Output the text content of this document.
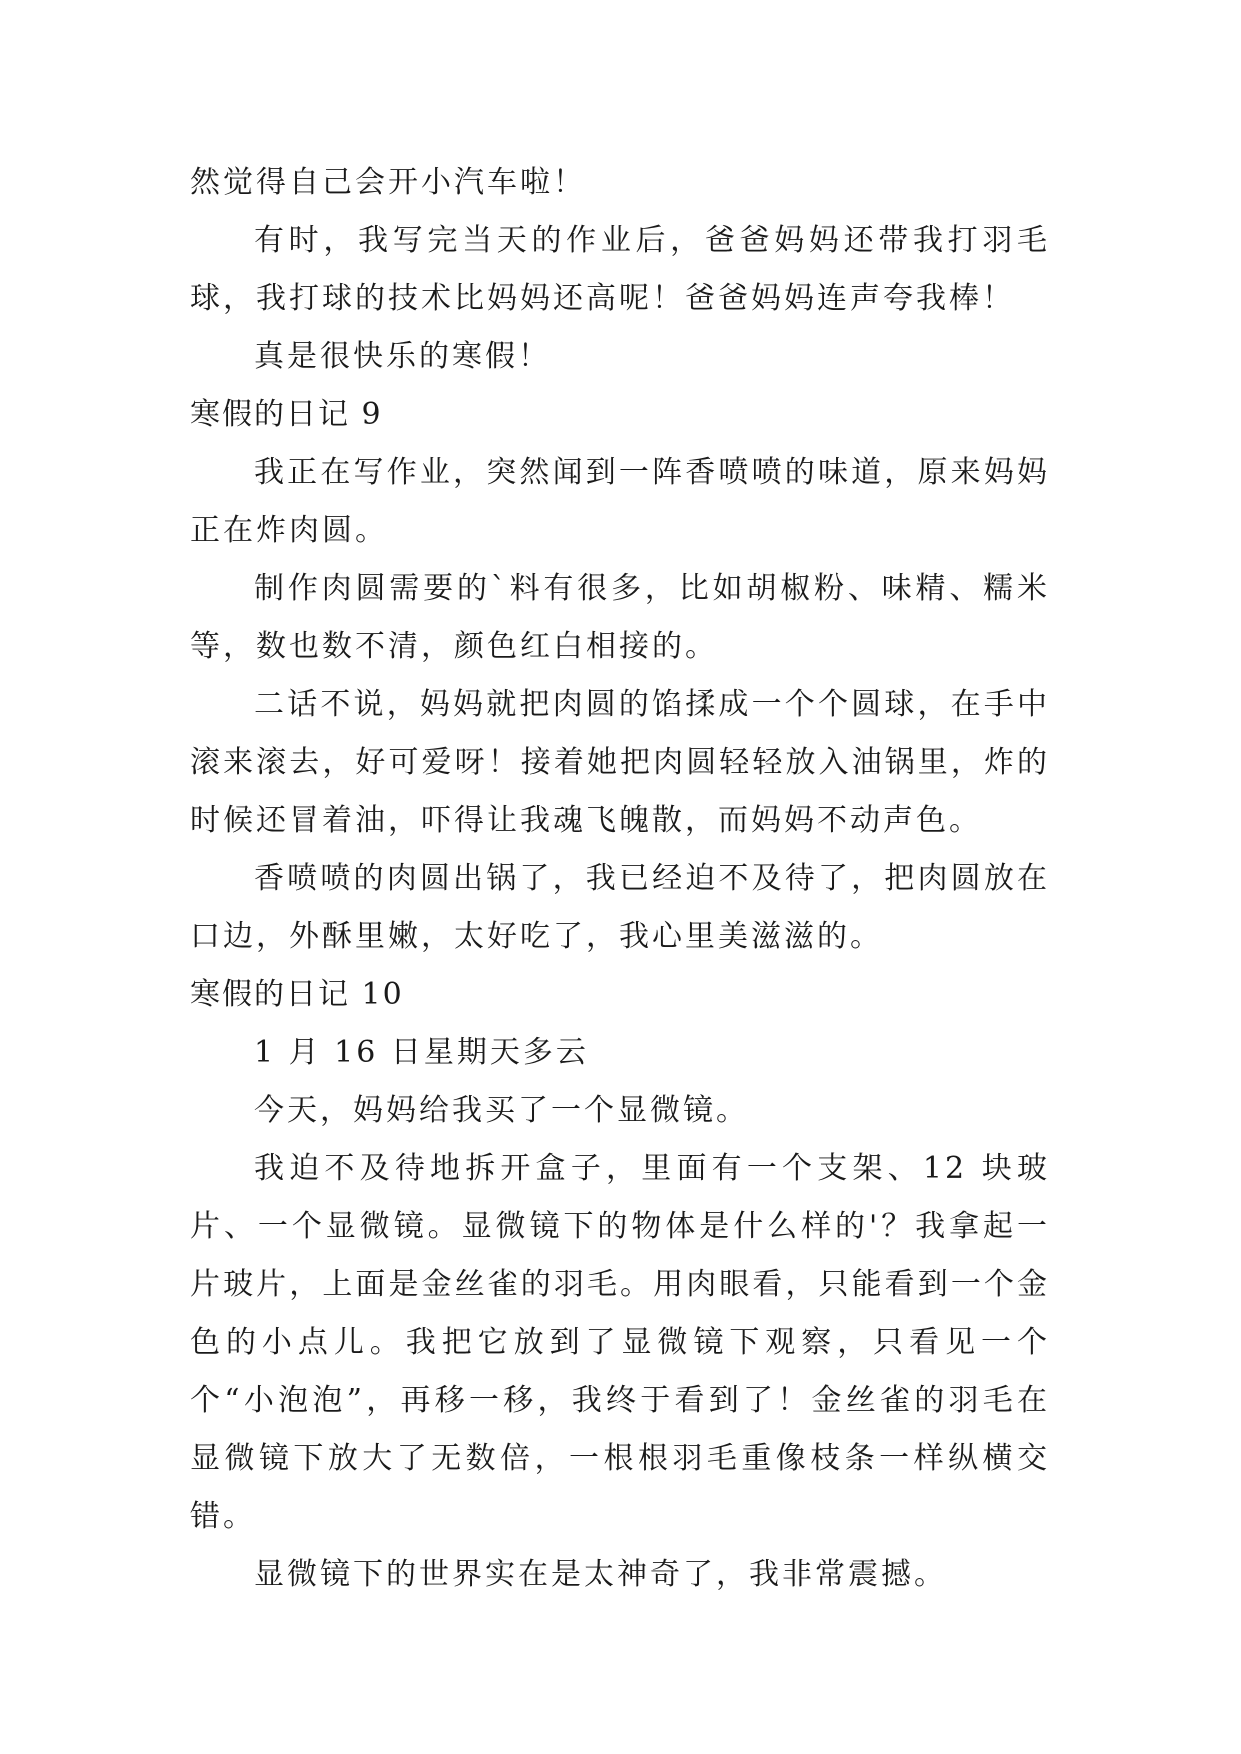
然觉得自己会开小汽车啦！

有时，我写完当天的作业后，爸爸妈妈还带我打羽毛球，我打球的技术比妈妈还高呢！爸爸妈妈连声夸我棒！

真是很快乐的寒假！

寒假的日记 9

我正在写作业，突然闻到一阵香喷喷的味道，原来妈妈正在炸肉圆。

制作肉圆需要的`料有很多，比如胡椒粉、味精、糯米等，数也数不清，颜色红白相接的。

二话不说，妈妈就把肉圆的馅揉成一个个圆球，在手中滚来滚去，好可爱呀！接着她把肉圆轻轻放入油锅里，炸的时候还冒着油，吓得让我魂飞魄散，而妈妈不动声色。

香喷喷的肉圆出锅了，我已经迫不及待了，把肉圆放在口边，外酥里嫩，太好吃了，我心里美滋滋的。

寒假的日记 10

1 月 16 日星期天多云

今天，妈妈给我买了一个显微镜。

我迫不及待地拆开盒子，里面有一个支架、12 块玻片、一个显微镜。显微镜下的物体是什么样的'？我拿起一片玻片，上面是金丝雀的羽毛。用肉眼看，只能看到一个金色的小点儿。我把它放到了显微镜下观察，只看见一个个“小泡泡”，再移一移，我终于看到了！金丝雀的羽毛在显微镜下放大了无数倍，一根根羽毛重像枝条一样纵横交错。

显微镜下的世界实在是太神奇了，我非常震撼。
